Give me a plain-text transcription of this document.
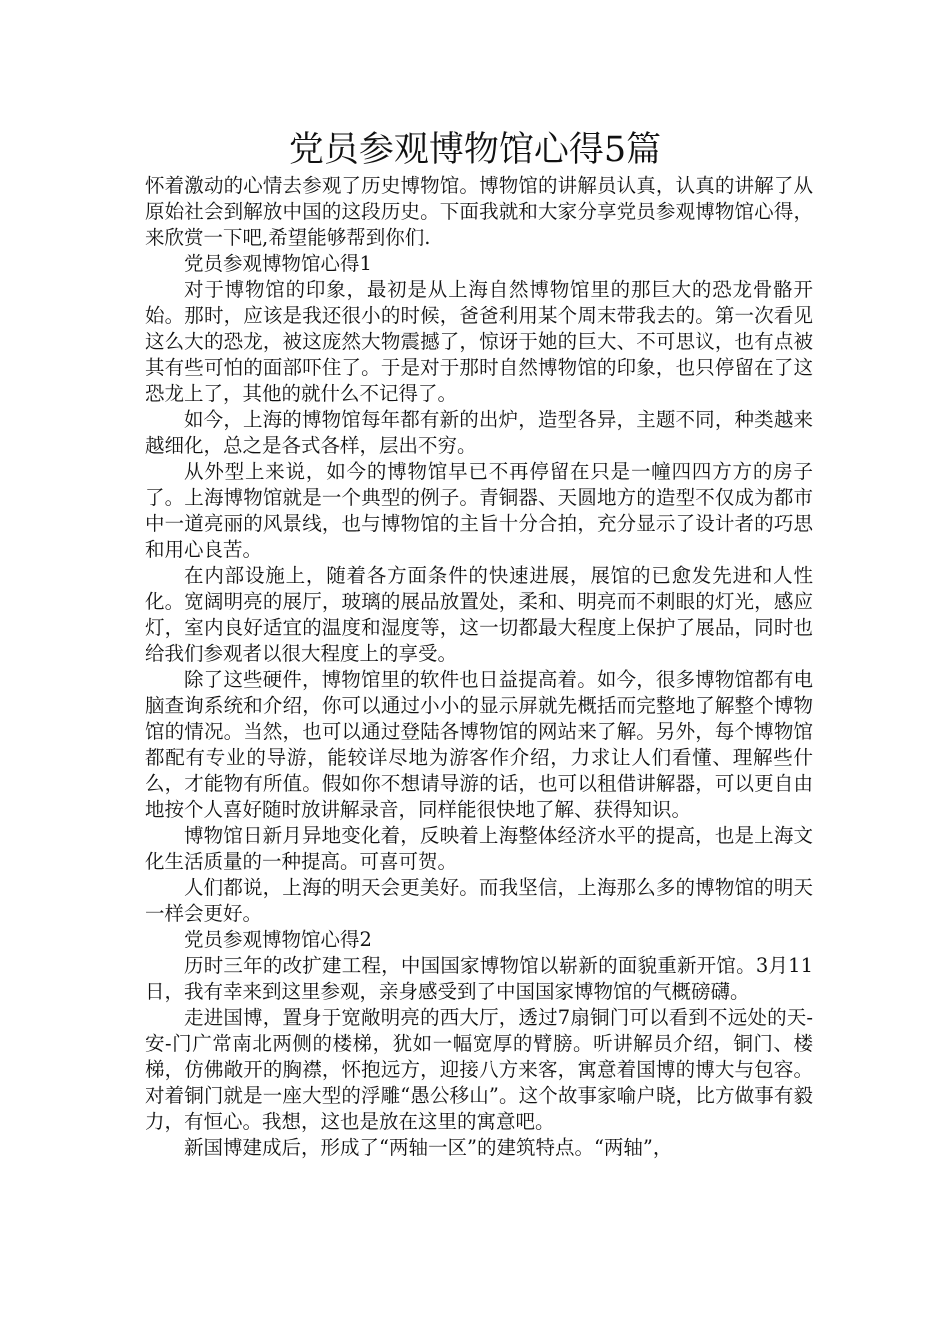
党员参观博物馆心得5篇

怀着激动的心情去参观了历史博物馆。博物馆的讲解员认真，认真的讲解了从原始社会到解放中国的这段历史。下面我就和大家分享党员参观博物馆心得，来欣赏一下吧,希望能够帮到你们.

党员参观博物馆心得1

对于博物馆的印象，最初是从上海自然博物馆里的那巨大的恐龙骨骼开始。那时，应该是我还很小的时候，爸爸利用某个周末带我去的。第一次看见这么大的恐龙，被这庞然大物震撼了，惊讶于她的巨大、不可思议，也有点被其有些可怕的面部吓住了。于是对于那时自然博物馆的印象，也只停留在了这恐龙上了，其他的就什么不记得了。

如今，上海的博物馆每年都有新的出炉，造型各异，主题不同，种类越来越细化，总之是各式各样，层出不穷。

从外型上来说，如今的博物馆早已不再停留在只是一幢四四方方的房子了。上海博物馆就是一个典型的例子。青铜器、天圆地方的造型不仅成为都市中一道亮丽的风景线，也与博物馆的主旨十分合拍，充分显示了设计者的巧思和用心良苦。

在内部设施上，随着各方面条件的快速进展，展馆的已愈发先进和人性化。宽阔明亮的展厅，玻璃的展品放置处，柔和、明亮而不刺眼的灯光，感应灯，室内良好适宜的温度和湿度等，这一切都最大程度上保护了展品，同时也给我们参观者以很大程度上的享受。

除了这些硬件，博物馆里的软件也日益提高着。如今，很多博物馆都有电脑查询系统和介绍，你可以通过小小的显示屏就先概括而完整地了解整个博物馆的情况。当然，也可以通过登陆各博物馆的网站来了解。另外，每个博物馆都配有专业的导游，能较详尽地为游客作介绍，力求让人们看懂、理解些什么，才能物有所值。假如你不想请导游的话，也可以租借讲解器，可以更自由地按个人喜好随时放讲解录音，同样能很快地了解、获得知识。

博物馆日新月异地变化着，反映着上海整体经济水平的提高，也是上海文化生活质量的一种提高。可喜可贺。

人们都说，上海的明天会更美好。而我坚信，上海那么多的博物馆的明天一样会更好。

党员参观博物馆心得2

历时三年的改扩建工程，中国国家博物馆以崭新的面貌重新开馆。3月11日，我有幸来到这里参观，亲身感受到了中国国家博物馆的气概磅礴。

走进国博，置身于宽敞明亮的西大厅，透过7扇铜门可以看到不远处的天-安-门广常南北两侧的楼梯，犹如一幅宽厚的臂膀。听讲解员介绍，铜门、楼梯，仿佛敞开的胸襟，怀抱远方，迎接八方来客，寓意着国博的博大与包容。对着铜门就是一座大型的浮雕“愚公移山”。这个故事家喻户晓，比方做事有毅力，有恒心。我想，这也是放在这里的寓意吧。

新国博建成后，形成了“两轴一区”的建筑特点。“两轴”，
